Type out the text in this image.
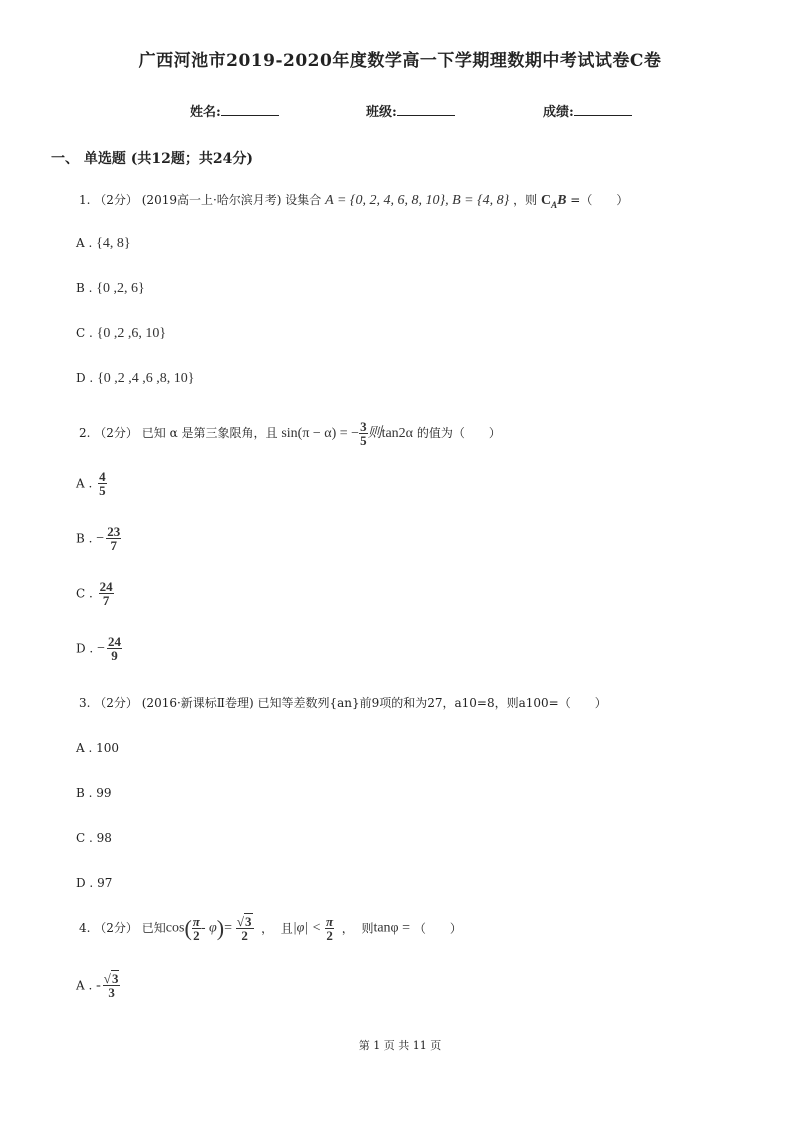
广西河池市2019-2020年度数学高一下学期理数期中考试试卷C卷
姓名:	班级:	成绩:
一、 单选题 (共12题；共24分)
1. （2分） (2019高一上·哈尔滨月考) 设集合 A = {0, 2, 4, 6, 8, 10}, B = {4, 8} ，则 $C_AB$ =（　　）
A . {4, 8}
B . {0 ,2, 6}
C . {0 ,2 ,6, 10}
D . {0 ,2 ,4 ,6 ,8, 10}
2. （2分） 已知 α 是第三象限角，且 sin(π − α) = − $\frac{3}{5}$ 则tan2α 的值为（　　）
A . $\frac{4}{5}$
B . − $\frac{23}{7}$
C . $\frac{24}{7}$
D . − $\frac{24}{9}$
3. （2分） (2016·新课标Ⅱ卷理) 已知等差数列{an}前9项的和为27，a10=8，则a100=（　　）
A . 100
B . 99
C . 98
D . 97
4. （2分） 已知$\cos( \frac{\pi}{2} - \varphi)= \frac{√3}{2}$ ， 且$|\varphi| < \frac{\pi}{2}$ ， 则tanφ = （　　）
A . - $\frac{√3}{3}$
第 1 页 共 11 页
